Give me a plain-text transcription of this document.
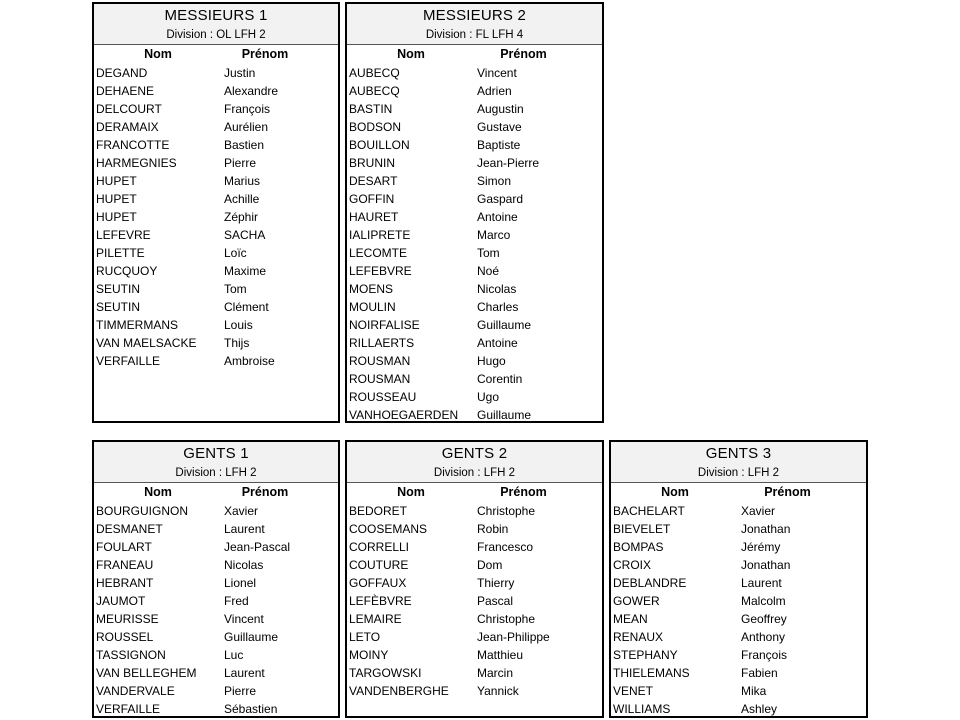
MESSIEURS 1
Division : OL LFH 2
Nom	Prénom
DEGAND	Justin
DEHAENE	Alexandre
DELCOURT	François
DERAMAIX	Aurélien
FRANCOTTE	Bastien
HARMEGNIES	Pierre
HUPET	Marius
HUPET	Achille
HUPET	Zéphir
LEFEVRE	SACHA
PILETTE	Loïc
RUCQUOY	Maxime
SEUTIN	Tom
SEUTIN	Clément
TIMMERMANS	Louis
VAN MAELSACKE	Thijs
VERFAILLE	Ambroise
MESSIEURS 2
Division : FL LFH 4
Nom	Prénom
AUBECQ	Vincent
AUBECQ	Adrien
BASTIN	Augustin
BODSON	Gustave
BOUILLON	Baptiste
BRUNIN	Jean-Pierre
DESART	Simon
GOFFIN	Gaspard
HAURET	Antoine
IALIPRETE	Marco
LECOMTE	Tom
LEFEBVRE	Noé
MOENS	Nicolas
MOULIN	Charles
NOIRFALISE	Guillaume
RILLAERTS	Antoine
ROUSMAN	Hugo
ROUSMAN	Corentin
ROUSSEAU	Ugo
VANHOEGAERDEN	Guillaume
GENTS 1
Division : LFH 2
Nom	Prénom
BOURGUIGNON	Xavier
DESMANET	Laurent
FOULART	Jean-Pascal
FRANEAU	Nicolas
HEBRANT	Lionel
JAUMOT	Fred
MEURISSE	Vincent
ROUSSEL	Guillaume
TASSIGNON	Luc
VAN BELLEGHEM	Laurent
VANDERVALE	Pierre
VERFAILLE	Sébastien
GENTS 2
Division : LFH 2
Nom	Prénom
BEDORET	Christophe
COOSEMANS	Robin
CORRELLI	Francesco
COUTURE	Dom
GOFFAUX	Thierry
LEFÈBVRE	Pascal
LEMAIRE	Christophe
LETO	Jean-Philippe
MOINY	Matthieu
TARGOWSKI	Marcin
VANDENBERGHE	Yannick
GENTS 3
Division : LFH 2
Nom	Prénom
BACHELART	Xavier
BIEVELET	Jonathan
BOMPAS	Jérémy
CROIX	Jonathan
DEBLANDRE	Laurent
GOWER	Malcolm
MEAN	Geoffrey
RENAUX	Anthony
STEPHANY	François
THIELEMANS	Fabien
VENET	Mika
WILLIAMS	Ashley
